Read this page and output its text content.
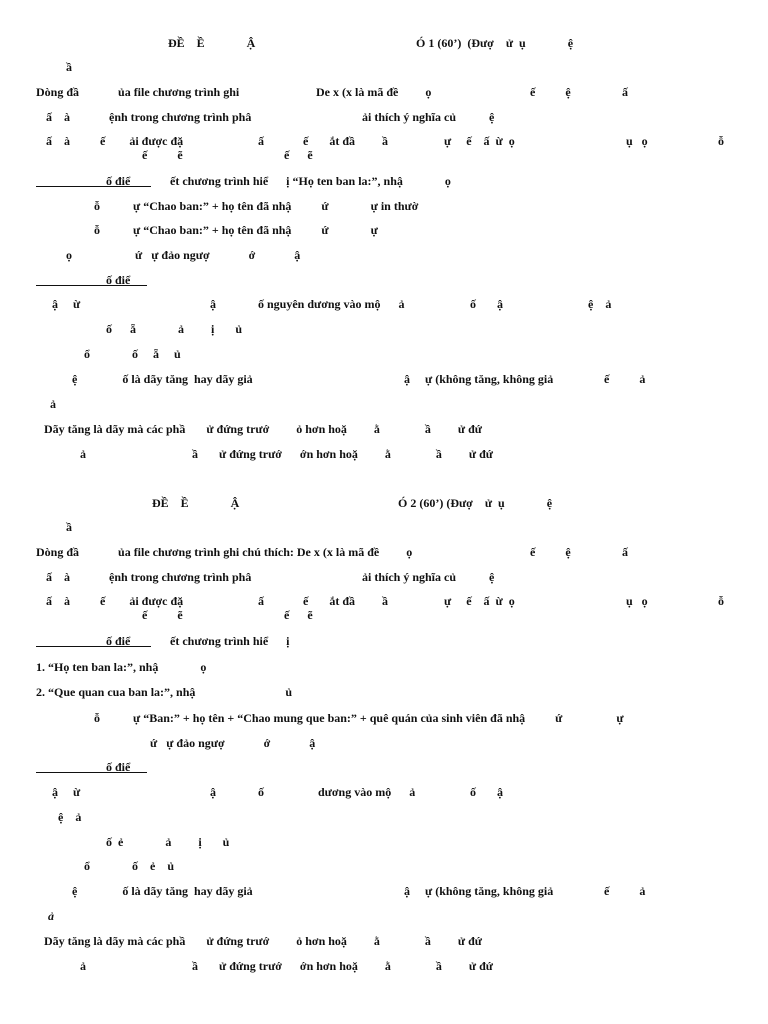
ĐỀ    Ề              Ậ	Ó 1 (60’)  (Đượ    ử  ụ              ệ
ầ
Dòng đầ             ủa file chương trình ghi	De x (x là mã đề         ọ	ế          ệ	ấ
ấ    à             ệnh trong chương trình phâ	ải thích ý nghĩa củ           ệ
ấ    à          ế        ải được đặ	ấ             ế       ắt đầ         ầ	ự     ế    ấ  ừ  ọ	ụ   ọ	ỗ
ế          ẽ	ế      ẽ
ố điể	ết chương trình hiể      ị “Họ ten ban la:”, nhậ              ọ
ỗ           ự “Chao ban:” + họ tên đã nhậ          ứ              ự in thườ
ỗ           ự “Chao ban:” + họ tên đã nhậ          ứ              ự
ọ                     ứ   ự đảo ngượ             ớ             ậ
ố điể
ậ     ừ	ậ              ố nguyên dương vào mộ      ả	ố       ậ	ệ    ả
ố      ẵ              ả         ị       ủ
ổ              ố     ẵ     ủ
ệ               ố là dãy tăng  hay dãy giả	ậ     ự (không tăng, không giả	ế          ả
ả
Dãy tăng là dãy mà các phầ       ử đứng trướ         ỏ hơn hoặ         ằ               ầ         ử đứ
ả	ầ       ử đứng trướ      ớn hơn hoặ         ằ               ầ         ử đứ
ĐỀ    Ề              Ậ	Ó 2 (60’) (Đượ    ử  ụ              ệ
ầ
Dòng đầ             ủa file chương trình ghi chú thích: De x (x là mã đề         ọ	ế          ệ	ấ
ấ    à             ệnh trong chương trình phâ	ải thích ý nghĩa củ           ệ
ấ    à          ế        ải được đặ	ấ             ế       ắt đầ         ầ	ự     ế    ấ  ừ  ọ	ụ   ọ	ỗ
ế          ẽ	ế      ẽ
ố điể	ết chương trình hiể      ị
1. “Họ ten ban la:”, nhậ              ọ
2. “Que quan cua ban la:”, nhậ                              ủ
ỗ           ự “Ban:” + họ tên + “Chao mung que ban:” + quê quán của sinh viên đã nhậ          ứ                  ự
ứ   ự đảo ngượ             ớ             ậ
ố điể
ậ     ừ	ậ              ố                  dương vào mộ      ả	ố       ậ
ệ    ả
ố  ẻ              ả         ị       ủ
ổ              ố    ẻ    ủ
ệ               ố là dãy tăng  hay dãy giả	ậ     ự (không tăng, không giả	ế          ả
ả
Dãy tăng là dãy mà các phầ       ử đứng trướ         ỏ hơn hoặ         ằ               ầ         ử đứ
ả	ầ       ử đứng trướ      ớn hơn hoặ         ằ               ầ         ử đứ
